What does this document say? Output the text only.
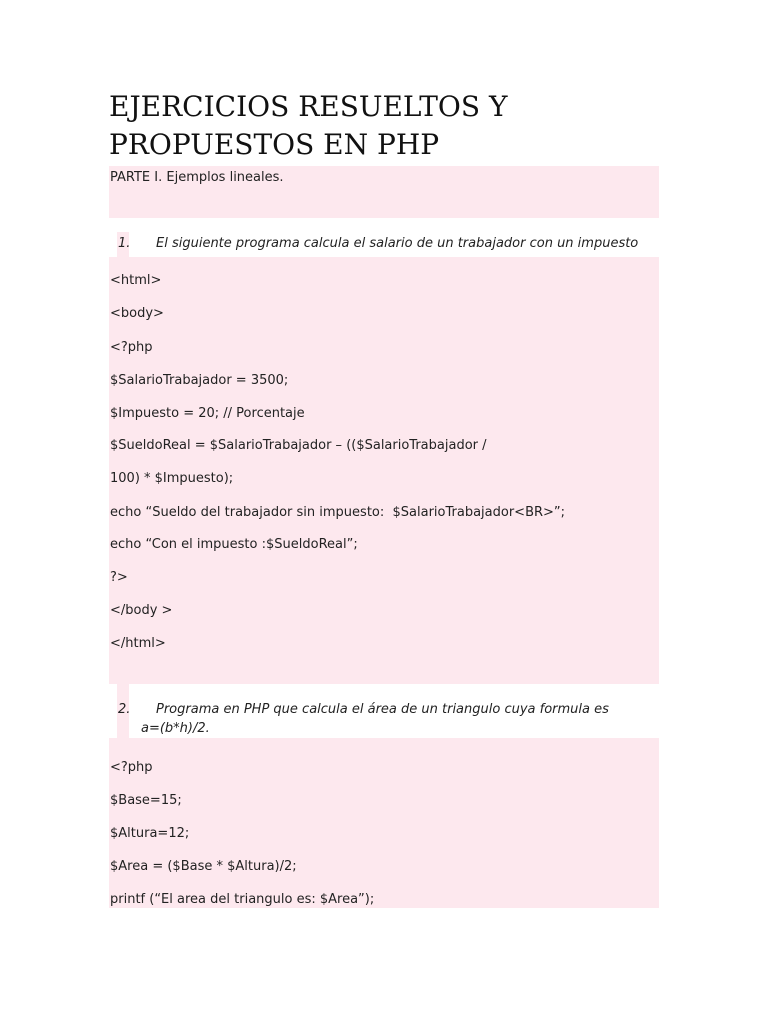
EJERCICIOS RESUELTOS Y
PROPUESTOS EN PHP
PARTE I. Ejemplos lineales.
1. El siguiente programa calcula el salario de un trabajador con un impuesto
<html>
<body>
<?php
$SalarioTrabajador = 3500;
$Impuesto = 20; // Porcentaje
$SueldoReal = $SalarioTrabajador – (($SalarioTrabajador /
100) * $Impuesto);
echo “Sueldo del trabajador sin impuesto:  $SalarioTrabajador<BR>”;
echo “Con el impuesto :$SueldoReal”;
?>
</body >
</html>
2. Programa en PHP que calcula el área de un triangulo cuya formula es
a=(b*h)/2.
<?php
$Base=15;
$Altura=12;
$Area = ($Base * $Altura)/2;
printf (“El area del triangulo es: $Area”);
